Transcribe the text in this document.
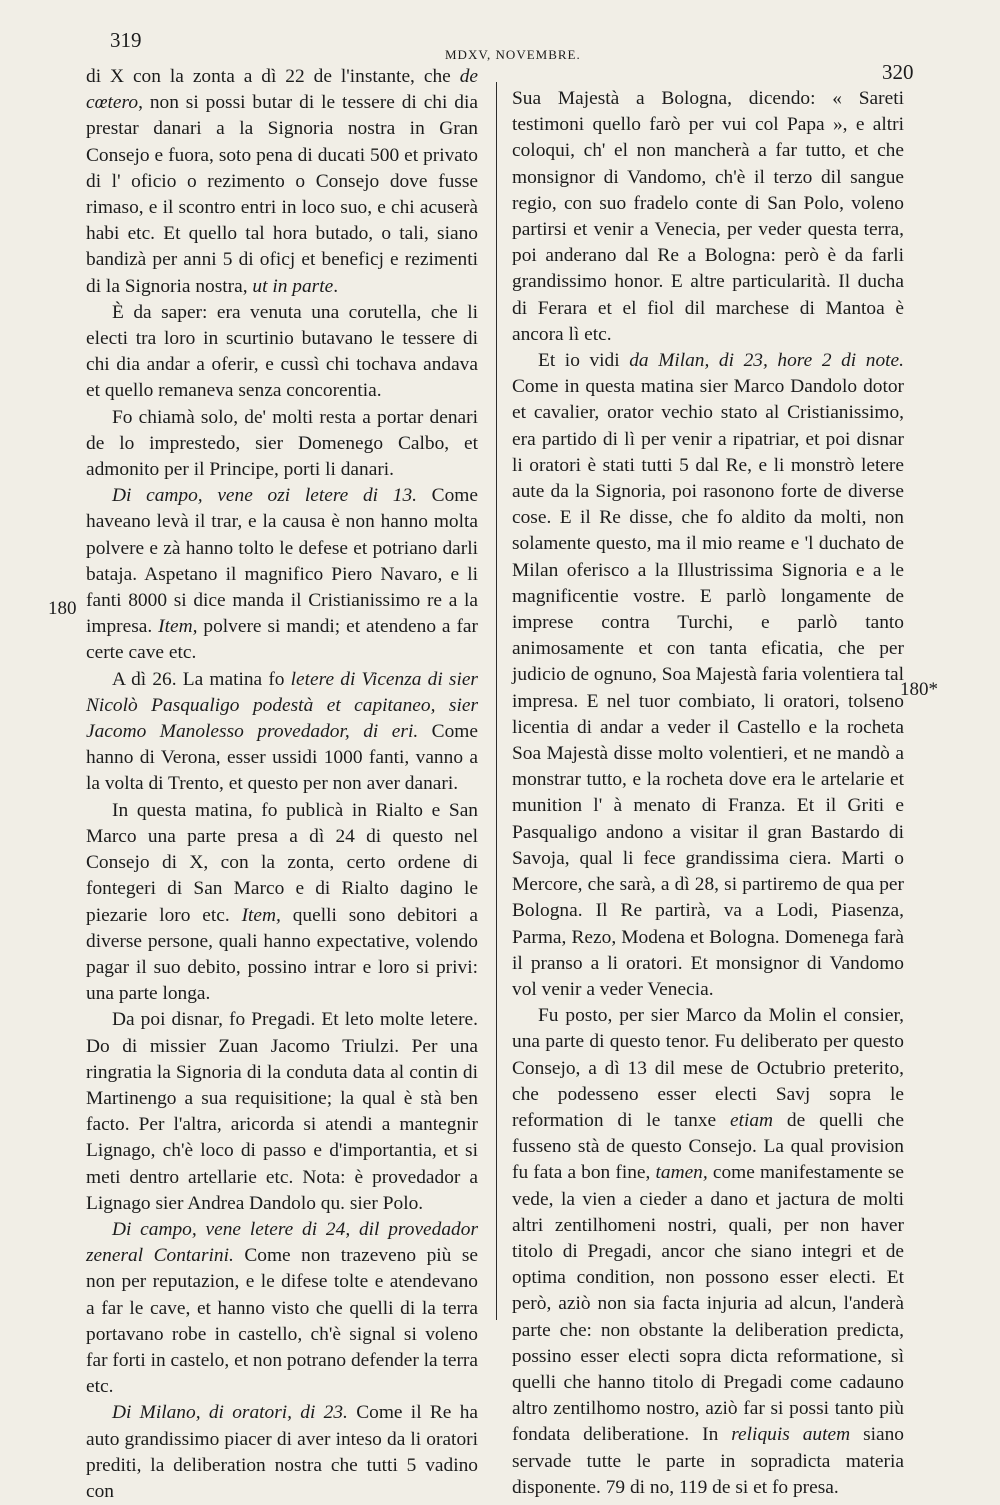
319
MDXV, NOVEMBRE.
320
180
180*

di X con la zonta a dì 22 de l'instante, che de cœtero, non si possi butar di le tessere di chi dia prestar danari a la Signoria nostra in Gran Consejo e fuora, soto pena di ducati 500 et privato di l' oficio o rezimento o Consejo dove fusse rimaso, e il scontro entri in loco suo, e chi acuserà habi etc. Et quello tal hora butado, o tali, siano bandizà per anni 5 di oficj et beneficj e rezimenti di la Signoria nostra, ut in parte.

È da saper: era venuta una corutella, che li electi tra loro in scurtinio butavano le tessere di chi dia andar a oferir, e cussì chi tochava andava et quello remaneva senza concorentia.

Fo chiamà solo, de' molti resta a portar denari de lo imprestedo, sier Domenego Calbo, et admonito per il Principe, porti li danari.

Di campo, vene ozi letere di 13. Come haveano levà il trar, e la causa è non hanno molta polvere e zà hanno tolto le defese et potriano darli bataja. Aspetano il magnifico Piero Navaro, e li fanti 8000 si dice manda il Cristianissimo re a la impresa. Item, polvere si mandi; et atendeno a far certe cave etc.

A dì 26. La matina fo letere di Vicenza di sier Nicolò Pasqualigo podestà et capitaneo, sier Jacomo Manolesso provedador, di eri. Come hanno di Verona, esser ussidi 1000 fanti, vanno a la volta di Trento, et questo per non aver danari.

In questa matina, fo publicà in Rialto e San Marco una parte presa a dì 24 di questo nel Consejo di X, con la zonta, certo ordene di fontegeri di San Marco e di Rialto dagino le piezarie loro etc. Item, quelli sono debitori a diverse persone, quali hanno expectative, volendo pagar il suo debito, possino intrar e loro si privi: una parte longa.

Da poi disnar, fo Pregadi. Et leto molte letere. Do di missier Zuan Jacomo Triulzi. Per una ringratia la Signoria di la conduta data al contin di Martinengo a sua requisitione; la qual è stà ben facto. Per l'altra, aricorda si atendi a mantegnir Lignago, ch'è loco di passo e d'importantia, et si meti dentro artellarie etc. Nota: è provedador a Lignago sier Andrea Dandolo qu. sier Polo.

Di campo, vene letere di 24, dil provedador zeneral Contarini. Come non trazeveno più se non per reputazion, e le difese tolte e atendevano a far le cave, et hanno visto che quelli di la terra portavano robe in castello, ch'è signal si voleno far forti in castelo, et non potrano defender la terra etc.

Di Milano, di oratori, di 23. Come il Re ha auto grandissimo piacer di aver inteso da li oratori prediti, la deliberation nostra che tutti 5 vadino con

Sua Majestà a Bologna, dicendo: « Sareti testimoni quello farò per vui col Papa », e altri coloqui, ch' el non mancherà a far tutto, et che monsignor di Vandomo, ch'è il terzo dil sangue regio, con suo fradelo conte di San Polo, voleno partirsi et venir a Venecia, per veder questa terra, poi anderano dal Re a Bologna: però è da farli grandissimo honor. E altre particularità. Il ducha di Ferara et el fiol dil marchese di Mantoa è ancora lì etc.

Et io vidi da Milan, di 23, hore 2 di note. Come in questa matina sier Marco Dandolo dotor et cavalier, orator vechio stato al Cristianissimo, era partido di lì per venir a ripatriar, et poi disnar li oratori è stati tutti 5 dal Re, e li monstrò letere aute da la Signoria, poi rasonono forte de diverse cose. E il Re disse, che fo aldito da molti, non solamente questo, ma il mio reame e 'l duchato de Milan oferisco a la Illustrissima Signoria e a le magnificentie vostre. E parlò longamente de imprese contra Turchi, e parlò tanto animosamente et con tanta eficatia, che per judicio de ognuno, Soa Majestà faria volentiera tal impresa. E nel tuor combiato, li oratori, tolseno licentia di andar a veder il Castello e la rocheta Soa Majestà disse molto volentieri, et ne mandò a monstrar tutto, e la rocheta dove era le artelarie et munition l' à menato di Franza. Et il Griti e Pasqualigo andono a visitar il gran Bastardo di Savoja, qual li fece grandissima ciera. Marti o Mercore, che sarà, a dì 28, si partiremo de qua per Bologna. Il Re partirà, va a Lodi, Piasenza, Parma, Rezo, Modena et Bologna. Domenega farà il pranso a li oratori. Et monsignor di Vandomo vol venir a veder Venecia.

Fu posto, per sier Marco da Molin el consier, una parte di questo tenor. Fu deliberato per questo Consejo, a dì 13 dil mese de Octubrio preterito, che podesseno esser electi Savj sopra le reformation di le tanxe etiam de quelli che fusseno stà de questo Consejo. La qual provision fu fata a bon fine, tamen, come manifestamente se vede, la vien a cieder a dano et jactura de molti altri zentilhomeni nostri, quali, per non haver titolo di Pregadi, ancor che siano integri et de optima condition, non possono esser electi. Et però, aziò non sia facta injuria ad alcun, l'anderà parte che: non obstante la deliberation predicta, possino esser electi sopra dicta reformatione, sì quelli che hanno titolo di Pregadi come cadauno altro zentilhomo nostro, aziò far si possi tanto più fondata deliberatione. In reliquis autem siano servade tutte le parte in sopradicta materia disponente. 79 di no, 119 de si et fo presa.
